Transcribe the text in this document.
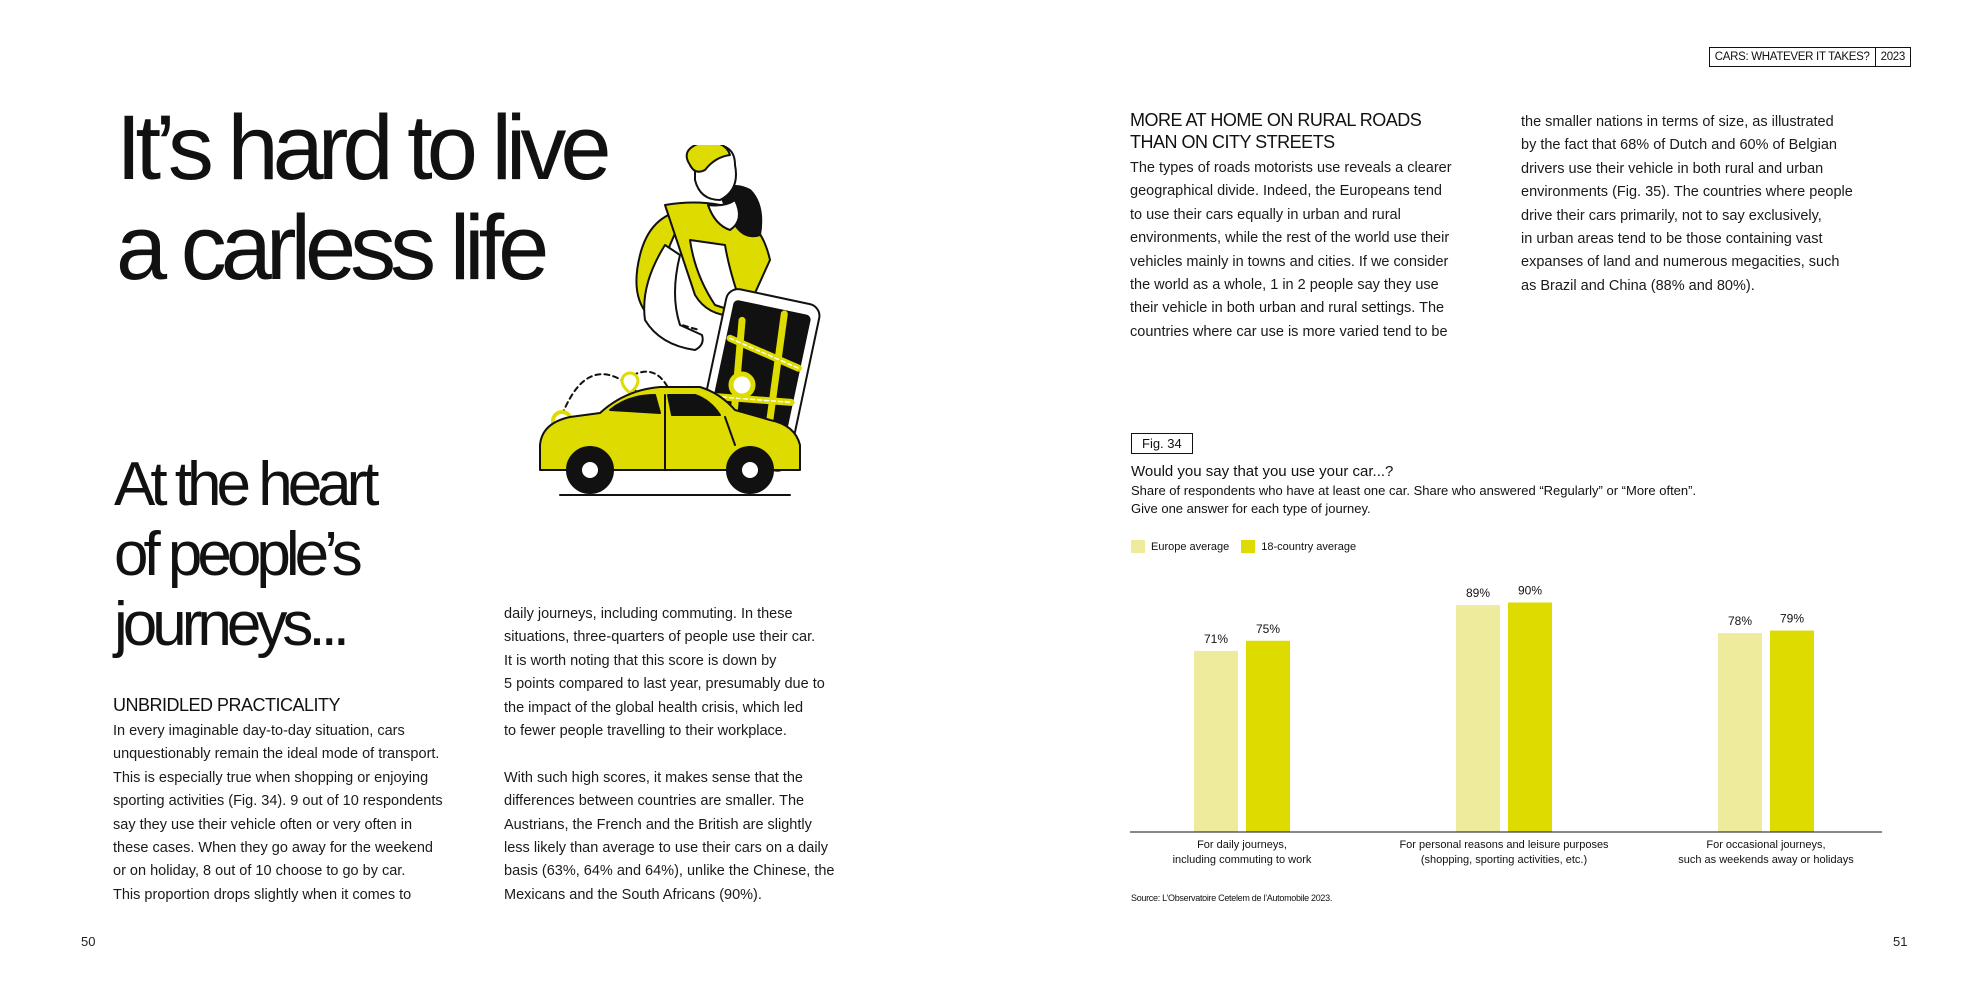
CARS: WHATEVER IT TAKES? 2023
It’s hard to live
a carless life
At the heart
of people’s
journeys...
UNBRIDLED PRACTICALITY

In every imaginable day-to-day situation, cars

unquestionably remain the ideal mode of transport.

This is especially true when shopping or enjoying

sporting activities (Fig. 34). 9 out of 10 respondents

say they use their vehicle often or very often in

these cases. When they go away for the weekend

or on holiday, 8 out of 10 choose to go by car.

This proportion drops slightly when it comes to

daily journeys, including commuting. In these

situations, three-quarters of people use their car.

It is worth noting that this score is down by

5 points compared to last year, presumably due to

the impact of the global health crisis, which led

to fewer people travelling to their workplace.

With such high scores, it makes sense that the

differences between countries are smaller. The

Austrians, the French and the British are slightly

less likely than average to use their cars on a daily

basis (63%, 64% and 64%), unlike the Chinese, the

Mexicans and the South Africans (90%).

50
MORE AT HOME ON RURAL ROADS
THAN ON CITY STREETS

The types of roads motorists use reveals a clearer

geographical divide. Indeed, the Europeans tend

to use their cars equally in urban and rural

environments, while the rest of the world use their

vehicles mainly in towns and cities. If we consider

the world as a whole, 1 in 2 people say they use

their vehicle in both urban and rural settings. The

countries where car use is more varied tend to be

the smaller nations in terms of size, as illustrated

by the fact that 68% of Dutch and 60% of Belgian

drivers use their vehicle in both rural and urban

environments (Fig. 35). The countries where people

drive their cars primarily, not to say exclusively,

in urban areas tend to be those containing vast

expanses of land and numerous megacities, such

as Brazil and China (88% and 80%).

Fig. 34
Would you say that you use your car...?
Share of respondents who have at least one car. Share who answered “Regularly” or “More often”.
Give one answer for each type of journey.
Europe average	18-country average
71%
75%
For daily journeys,
including commuting to work
89% 90%
For personal reasons and leisure purposes
(shopping, sporting activities, etc.)
78% 79%
For occasional journeys,
such as weekends away or holidays
Source: L’Observatoire Cetelem de l’Automobile 2023.
51
